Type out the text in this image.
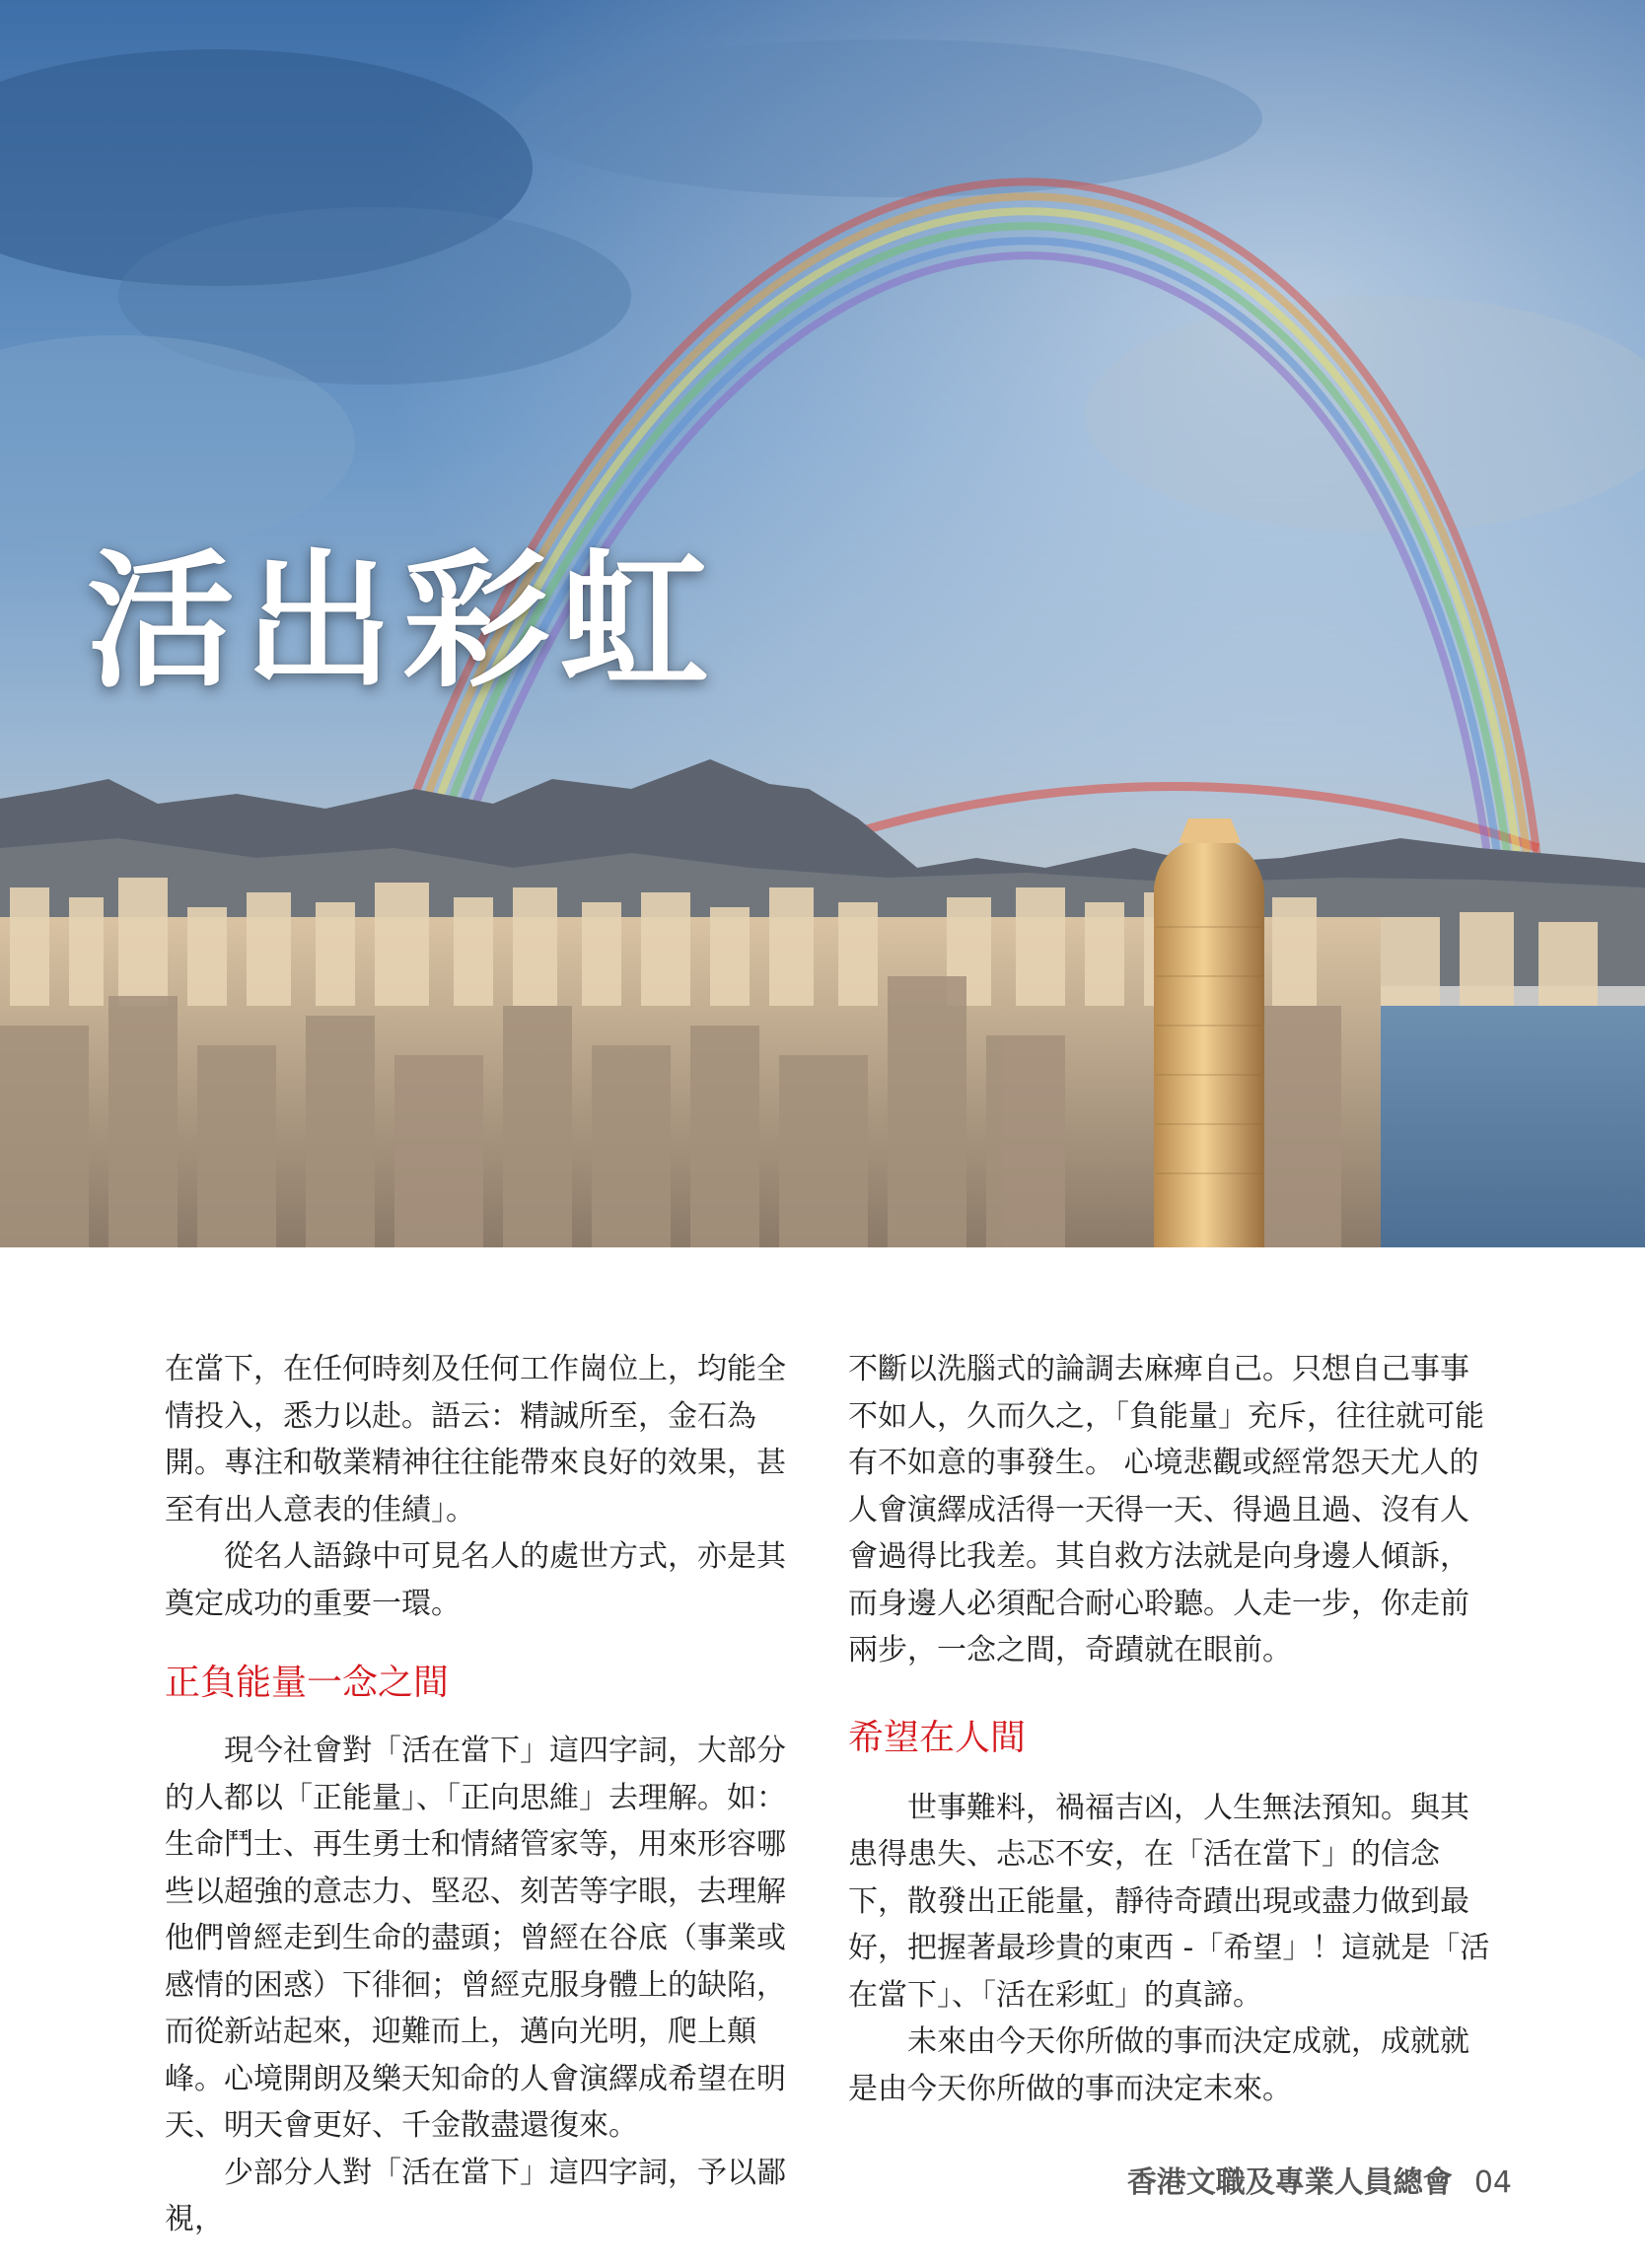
活出彩虹

在當下，在任何時刻及任何工作崗位上，均能全情投入，悉力以赴。語云：精誠所至，金石為開。專注和敬業精神往往能帶來良好的效果，甚至有出人意表的佳績」。

從名人語錄中可見名人的處世方式，亦是其奠定成功的重要一環。

正負能量一念之間

現今社會對「活在當下」這四字詞，大部分的人都以「正能量」、「正向思維」去理解。如：生命鬥士、再生勇士和情緒管家等，用來形容哪些以超強的意志力、堅忍、刻苦等字眼，去理解他們曾經走到生命的盡頭；曾經在谷底（事業或感情的困惑）下徘徊；曾經克服身體上的缺陷，而從新站起來，迎難而上，邁向光明，爬上顛峰。心境開朗及樂天知命的人會演繹成希望在明天、明天會更好、千金散盡還復來。

少部分人對「活在當下」這四字詞，予以鄙視，

不斷以洗腦式的論調去麻痺自己。只想自己事事不如人，久而久之，「負能量」充斥，往往就可能有不如意的事發生。 心境悲觀或經常怨天尤人的人會演繹成活得一天得一天、得過且過、沒有人會過得比我差。其自救方法就是向身邊人傾訴，而身邊人必須配合耐心聆聽。人走一步，你走前兩步，一念之間，奇蹟就在眼前。

希望在人間

世事難料，禍福吉凶，人生無法預知。與其患得患失、忐忑不安，在「活在當下」的信念下，散發出正能量，靜待奇蹟出現或盡力做到最好，把握著最珍貴的東西 -「希望」！這就是「活在當下」、「活在彩虹」的真諦。

未來由今天你所做的事而決定成就，成就就是由今天你所做的事而決定未來。

香港文職及專業人員總會 04
